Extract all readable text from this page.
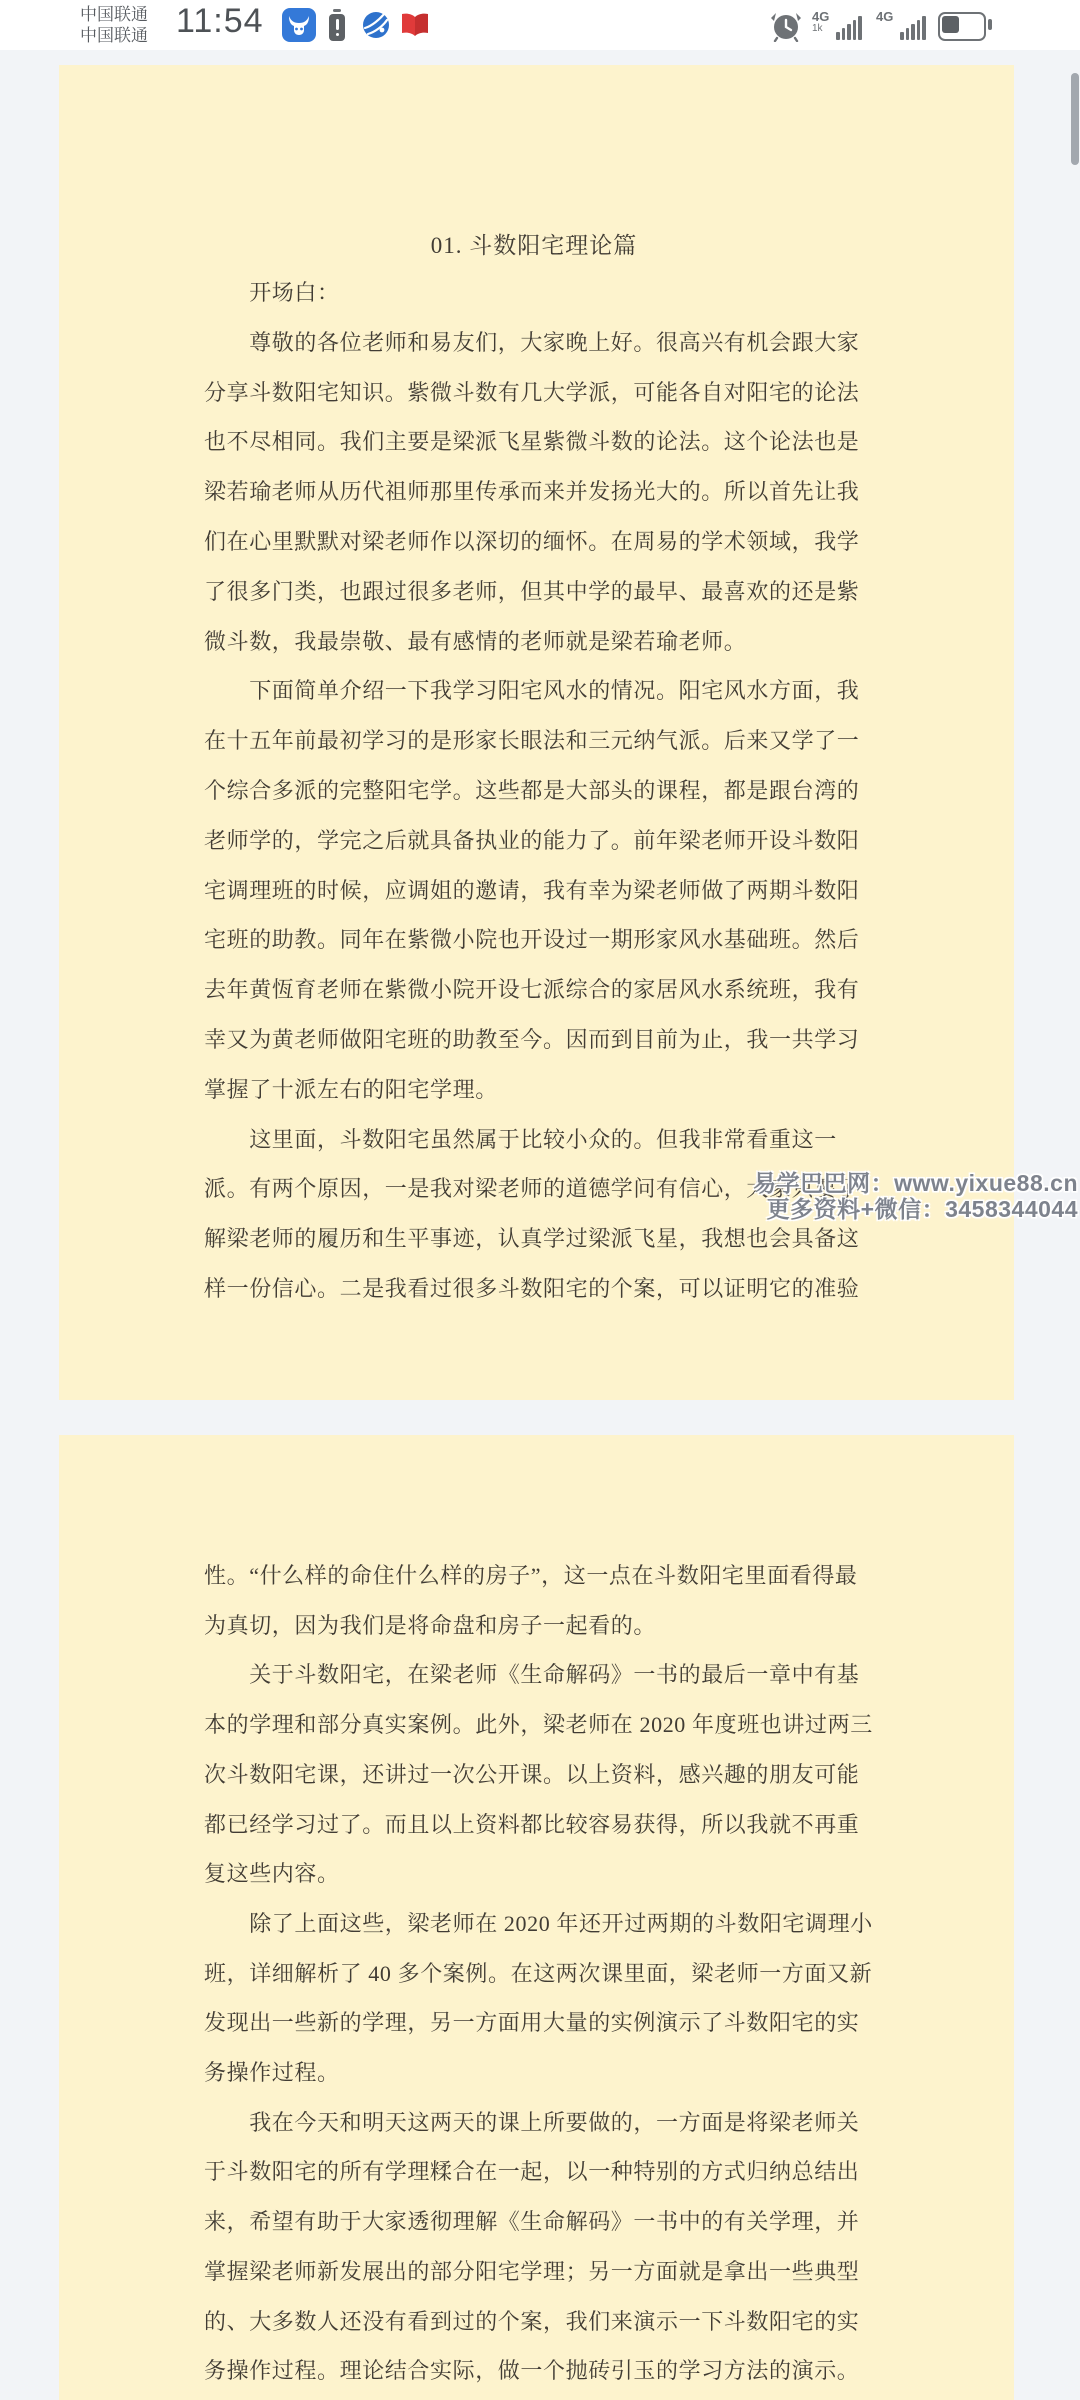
中国联通
中国联通 11:54	4G
1k
4G
01. 斗数阳宅理论篇
　　开场白：
　　尊敬的各位老师和易友们，大家晚上好。很高兴有机会跟大家
分享斗数阳宅知识。紫微斗数有几大学派，可能各自对阳宅的论法
也不尽相同。我们主要是梁派飞星紫微斗数的论法。这个论法也是
梁若瑜老师从历代祖师那里传承而来并发扬光大的。所以首先让我
们在心里默默对梁老师作以深切的缅怀。在周易的学术领域，我学
了很多门类，也跟过很多老师，但其中学的最早、最喜欢的还是紫
微斗数，我最崇敬、最有感情的老师就是梁若瑜老师。
　　下面简单介绍一下我学习阳宅风水的情况。阳宅风水方面，我
在十五年前最初学习的是形家长眼法和三元纳气派。后来又学了一
个综合多派的完整阳宅学。这些都是大部头的课程，都是跟台湾的
老师学的，学完之后就具备执业的能力了。前年梁老师开设斗数阳
宅调理班的时候，应调姐的邀请，我有幸为梁老师做了两期斗数阳
宅班的助教。同年在紫微小院也开设过一期形家风水基础班。然后
去年黄恆育老师在紫微小院开设七派综合的家居风水系统班，我有
幸又为黄老师做阳宅班的助教至今。因而到目前为止，我一共学习
掌握了十派左右的阳宅学理。
　　这里面，斗数阳宅虽然属于比较小众的。但我非常看重这一
派。有两个原因，一是我对梁老师的道德学问有信心，大家只要了
解梁老师的履历和生平事迹，认真学过梁派飞星，我想也会具备这
样一份信心。二是我看过很多斗数阳宅的个案，可以证明它的准验
性。“什么样的命住什么样的房子”，这一点在斗数阳宅里面看得最
为真切，因为我们是将命盘和房子一起看的。
　　关于斗数阳宅，在梁老师《生命解码》一书的最后一章中有基
本的学理和部分真实案例。此外，梁老师在 2020 年度班也讲过两三
次斗数阳宅课，还讲过一次公开课。以上资料，感兴趣的朋友可能
都已经学习过了。而且以上资料都比较容易获得，所以我就不再重
复这些内容。
　　除了上面这些，梁老师在 2020 年还开过两期的斗数阳宅调理小
班，详细解析了 40 多个案例。在这两次课里面，梁老师一方面又新
发现出一些新的学理，另一方面用大量的实例演示了斗数阳宅的实
务操作过程。
　　我在今天和明天这两天的课上所要做的，一方面是将梁老师关
于斗数阳宅的所有学理糅合在一起，以一种特别的方式归纳总结出
来，希望有助于大家透彻理解《生命解码》一书中的有关学理，并
掌握梁老师新发展出的部分阳宅学理；另一方面就是拿出一些典型
的、大多数人还没有看到过的个案，我们来演示一下斗数阳宅的实
务操作过程。理论结合实际，做一个抛砖引玉的学习方法的演示。
易学巴巴网：www.yixue88.cn
更多资料+微信：3458344044
